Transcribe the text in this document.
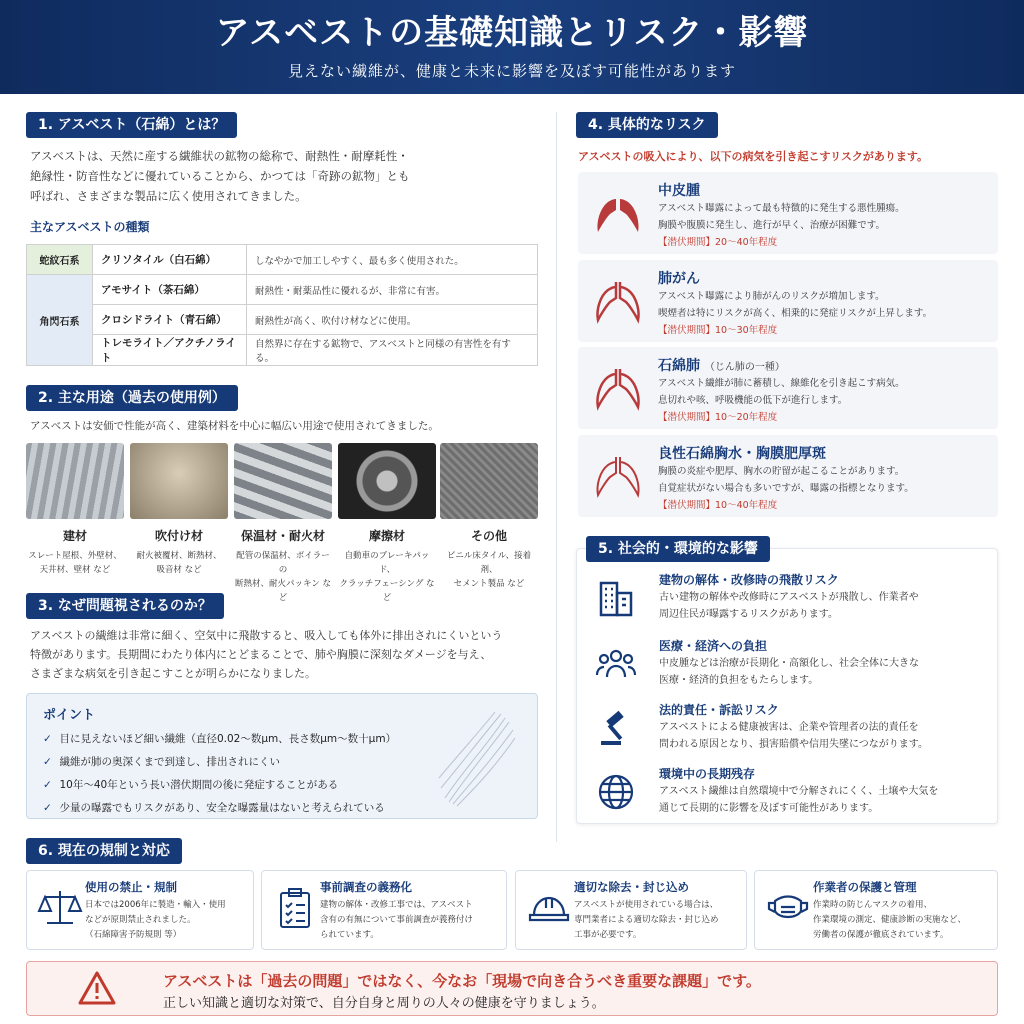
アスベストの基礎知識とリスク・影響

見えない繊維が、健康と未来に影響を及ぼす可能性があります

1. アスベスト（石綿）とは？
アスベストは、天然に産する繊維状の鉱物の総称で、耐熱性・耐摩耗性・
絶縁性・防音性などに優れていることから、かつては「奇跡の鉱物」とも
呼ばれ、さまざまな製品に広く使用されてきました。
主なアスベストの種類
蛇紋石系	クリソタイル（白石綿）	しなやかで加工しやすく、最も多く使用された。
角閃石系	アモサイト（茶石綿）	耐熱性・耐薬品性に優れるが、非常に有害。
	クロシドライト（青石綿）	耐熱性が高く、吹付け材などに使用。
	トレモライト／アクチノライト	自然界に存在する鉱物で、アスベストと同様の有害性を有する。
2. 主な用途（過去の使用例）
アスベストは安価で性能が高く、建築材料を中心に幅広い用途で使用されてきました。
建材
スレート屋根、外壁材、
天井材、壁材 など
吹付け材
耐火被覆材、断熱材、
吸音材 など
保温材・耐火材
配管の保温材、ボイラーの
断熱材、耐火パッキン など
摩擦材
自動車のブレーキパッド、
クラッチフェーシング など
その他
ビニル床タイル、接着剤、
セメント製品 など
3. なぜ問題視されるのか？
アスベストの繊維は非常に細く、空気中に飛散すると、吸入しても体外に排出されにくいという
特徴があります。長期間にわたり体内にとどまることで、肺や胸膜に深刻なダメージを与え、
さまざまな病気を引き起こすことが明らかになりました。
ポイント
✓ 目に見えないほど細い繊維（直径0.02〜数μm、長さ数μm〜数十μm）
✓ 繊維が肺の奥深くまで到達し、排出されにくい
✓ 10年〜40年という長い潜伏期間の後に発症することがある
✓ 少量の曝露でもリスクがあり、安全な曝露量はないと考えられている
4. 具体的なリスク
アスベストの吸入により、以下の病気を引き起こすリスクがあります。
中皮腫
アスベスト曝露によって最も特徴的に発生する悪性腫瘍。
胸膜や腹膜に発生し、進行が早く、治療が困難です。
【潜伏期間】20〜40年程度
肺がん
アスベスト曝露により肺がんのリスクが増加します。
喫煙者は特にリスクが高く、相乗的に発症リスクが上昇します。
【潜伏期間】10〜30年程度
石綿肺 （じん肺の一種）
アスベスト繊維が肺に蓄積し、線維化を引き起こす病気。
息切れや咳、呼吸機能の低下が進行します。
【潜伏期間】10〜20年程度
良性石綿胸水・胸膜肥厚斑
胸膜の炎症や肥厚、胸水の貯留が起こることがあります。
自覚症状がない場合も多いですが、曝露の指標となります。
【潜伏期間】10〜40年程度
建物の解体・改修時の飛散リスク
古い建物の解体や改修時にアスベストが飛散し、作業者や
周辺住民が曝露するリスクがあります。
医療・経済への負担
中皮腫などは治療が長期化・高額化し、社会全体に大きな
医療・経済的負担をもたらします。
法的責任・訴訟リスク
アスベストによる健康被害は、企業や管理者の法的責任を
問われる原因となり、損害賠償や信用失墜につながります。
環境中の長期残存
アスベスト繊維は自然環境中で分解されにくく、土壌や大気を
通じて長期的に影響を及ぼす可能性があります。
5. 社会的・環境的な影響
6. 現在の規制と対応
使用の禁止・規制
日本では2006年に製造・輸入・使用
などが原則禁止されました。
（石綿障害予防規則 等）
事前調査の義務化
建物の解体・改修工事では、アスベスト
含有の有無について事前調査が義務付け
られています。
適切な除去・封じ込め
アスベストが使用されている場合は、
専門業者による適切な除去・封じ込め
工事が必要です。
作業者の保護と管理
作業時の防じんマスクの着用、
作業環境の測定、健康診断の実施など、
労働者の保護が徹底されています。
アスベストは「過去の問題」ではなく、今なお「現場で向き合うべき重要な課題」です。
正しい知識と適切な対策で、自分自身と周りの人々の健康を守りましょう。
